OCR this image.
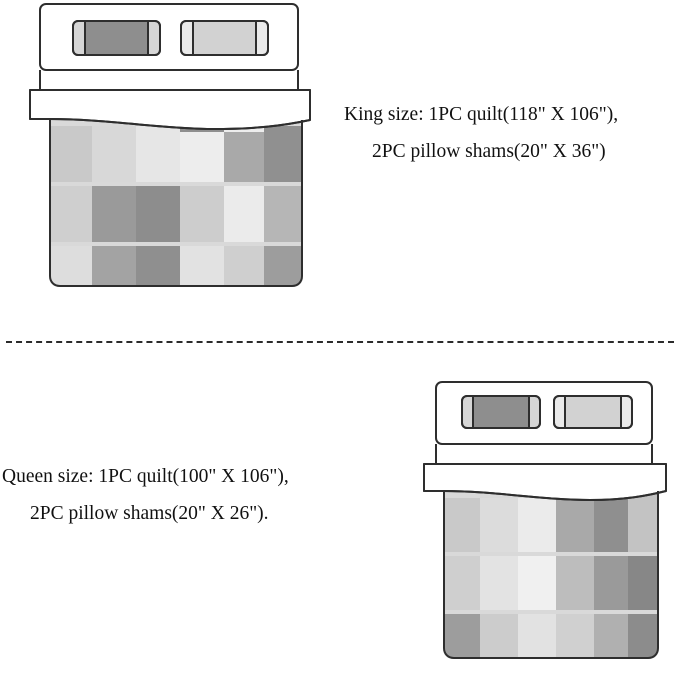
King size: 1PC quilt(118" X 106"),
2PC pillow shams(20" X 36")
Queen size: 1PC quilt(100" X 106"),
2PC pillow shams(20" X 26").
